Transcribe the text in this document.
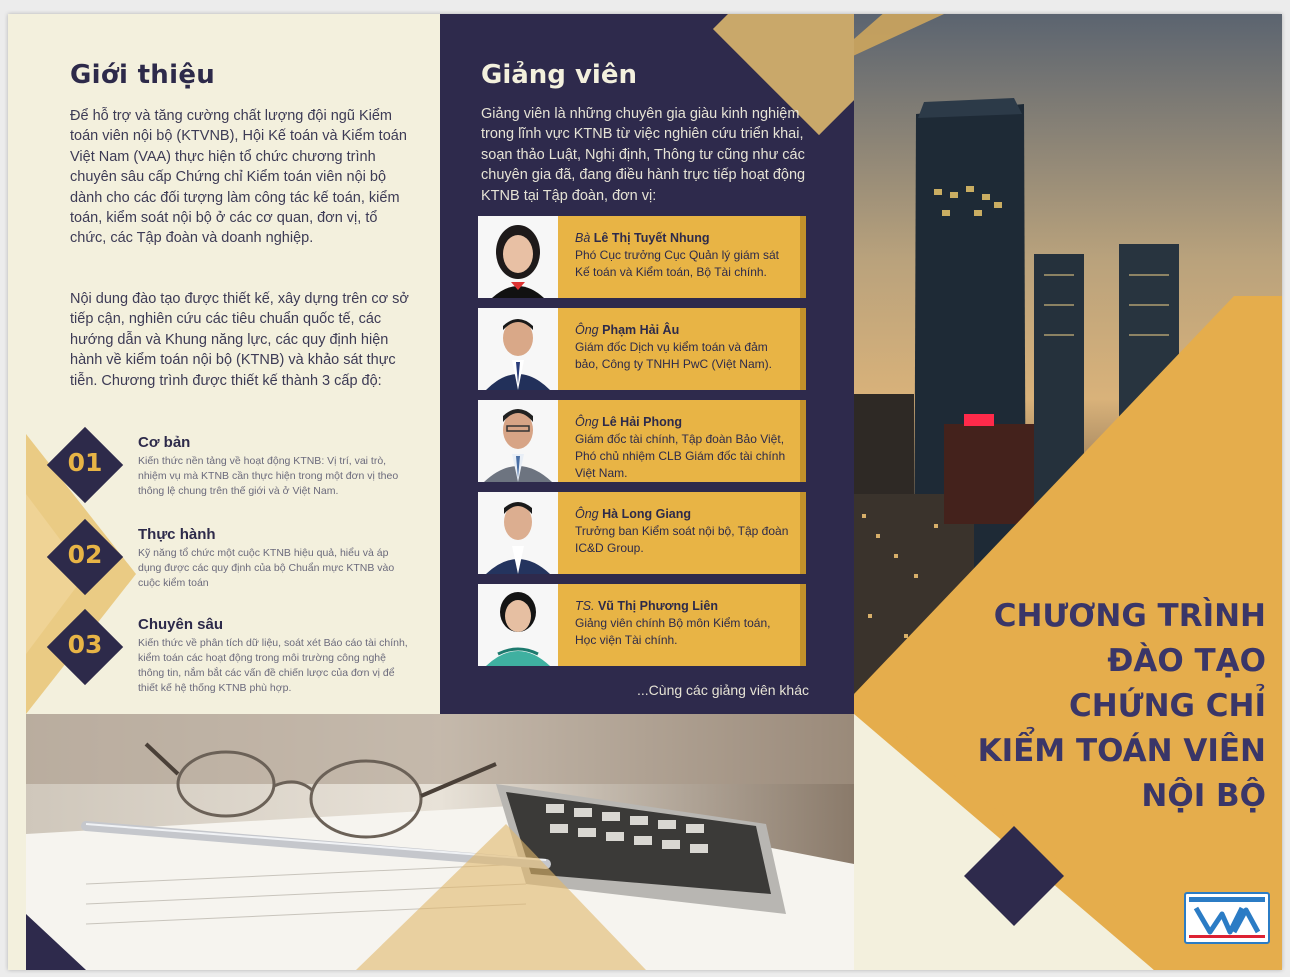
Giới thiệu

Để hỗ trợ và tăng cường chất lượng đội ngũ Kiểm toán viên nội bộ (KTVNB), Hội Kế toán và Kiểm toán Việt Nam (VAA) thực hiện tổ chức chương trình chuyên sâu cấp Chứng chỉ Kiểm toán viên nội bộ dành cho các đối tượng làm công tác kế toán, kiểm toán, kiểm soát nội bộ ở các cơ quan, đơn vị, tổ chức, các Tập đoàn và doanh nghiệp.

Nội dung đào tạo được thiết kế, xây dựng trên cơ sở tiếp cận, nghiên cứu các tiêu chuẩn quốc tế, các hướng dẫn và Khung năng lực, các quy định hiện hành về kiểm toán nội bộ (KTNB) và khảo sát thực tiễn. Chương trình được thiết kế thành 3 cấp độ:

01
Cơ bản
Kiến thức nền tảng về hoạt động KTNB: Vị trí, vai trò, nhiệm vụ mà KTNB cần thực hiện trong một đơn vị theo thông lệ chung trên thế giới và ở Việt Nam.
02
Thực hành
Kỹ năng tổ chức một cuộc KTNB hiệu quả, hiểu và áp dụng được các quy định của bộ Chuẩn mực KTNB vào cuộc kiểm toán
03
Chuyên sâu
Kiến thức về phân tích dữ liệu, soát xét Báo cáo tài chính, kiểm toán các hoạt động trong môi trường công nghệ thông tin, nắm bắt các vấn đề chiến lược của đơn vị để thiết kế hệ thống KTNB phù hợp.
Giảng viên

Giảng viên là những chuyên gia giàu kinh nghiệm trong lĩnh vực KTNB từ việc nghiên cứu triển khai, soạn thảo Luật, Nghị định, Thông tư cũng như các chuyên gia đã, đang điều hành trực tiếp hoạt động KTNB tại Tập đoàn, đơn vị:

Bà Lê Thị Tuyết Nhung
Phó Cục trưởng Cục Quản lý giám sát Kế toán và Kiểm toán, Bộ Tài chính.
Ông Phạm Hải Âu
Giám đốc Dịch vụ kiểm toán và đảm bảo, Công ty TNHH PwC (Việt Nam).
Ông Lê Hải Phong
Giám đốc tài chính, Tập đoàn Bảo Việt, Phó chủ nhiệm CLB Giám đốc tài chính Việt Nam.
Ông Hà Long Giang
Trưởng ban Kiểm soát nội bộ, Tập đoàn IC&D Group.
TS. Vũ Thị Phương Liên
Giảng viên chính Bộ môn Kiểm toán, Học viện Tài chính.
...Cùng các giảng viên khác
CHƯƠNG TRÌNH
ĐÀO TẠO
CHỨNG CHỈ
KIỂM TOÁN VIÊN
NỘI BỘ
